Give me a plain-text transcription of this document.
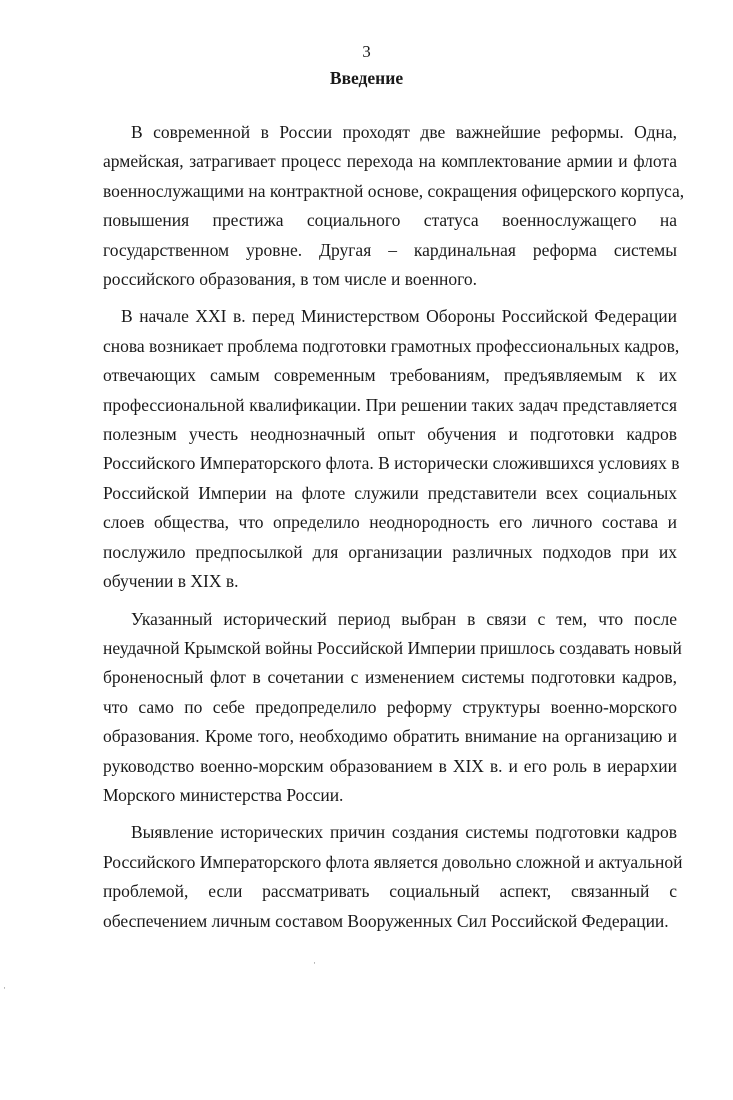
3
Введение

В современной в России проходят две важнейшие реформы. Одна,
армейская, затрагивает процесс перехода на комплектование армии и флота
военнослужащими на контрактной основе, сокращения офицерского корпуса,
повышения престижа социального статуса военнослужащего на
государственном уровне. Другая – кардинальная реформа системы
российского образования, в том числе и военного.

В начале XXI в. перед Министерством Обороны Российской Федерации
снова возникает проблема подготовки грамотных профессиональных кадров,
отвечающих самым современным требованиям, предъявляемым к их
профессиональной квалификации. При решении таких задач представляется
полезным учесть неоднозначный опыт обучения и подготовки кадров
Российского Императорского флота. В исторически сложившихся условиях в
Российской Империи на флоте служили представители всех социальных
слоев общества, что определило неоднородность его личного состава и
послужило предпосылкой для организации различных подходов при их
обучении в XIX в.

Указанный исторический период выбран в связи с тем, что после
неудачной Крымской войны Российской Империи пришлось создавать новый
броненосный флот в сочетании с изменением системы подготовки кадров,
что само по себе предопределило реформу структуры военно-морского
образования. Кроме того, необходимо обратить внимание на организацию и
руководство военно-морским образованием в XIX в. и его роль в иерархии
Морского министерства России.

Выявление исторических причин создания системы подготовки кадров
Российского Императорского флота является довольно сложной и актуальной
проблемой, если рассматривать социальный аспект, связанный с
обеспечением личным составом Вооруженных Сил Российской Федерации.

·
·
